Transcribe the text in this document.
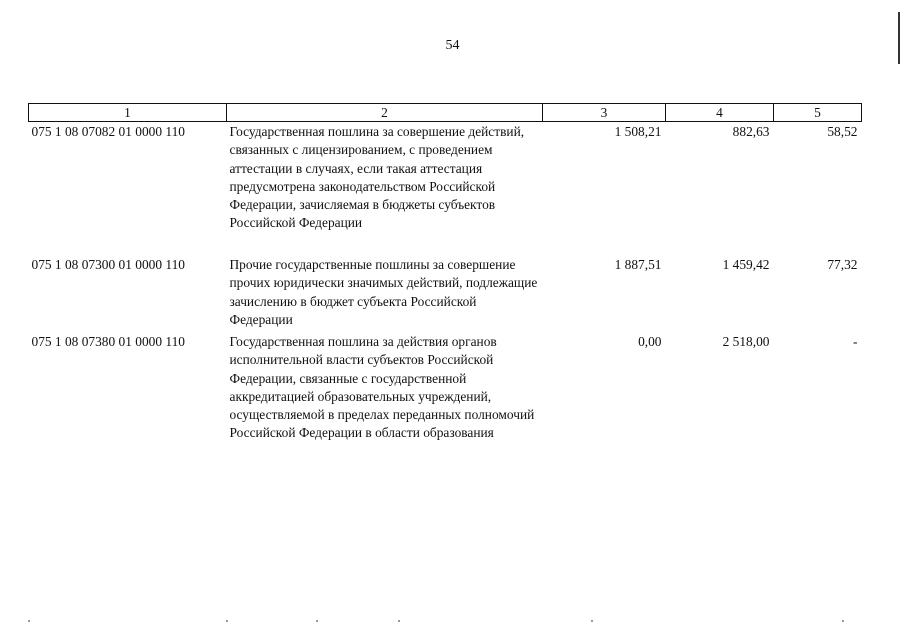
54
1	2	3	4	5
075 1 08 07082 01 0000 110	Государственная пошлина за совершение действий, связанных с лицензированием, с проведением аттестации в случаях, если такая аттестация предусмотрена законодательством Российской Федерации, зачисляемая в бюджеты субъектов Российской Федерации	1 508,21	882,63	58,52
075 1 08 07300 01 0000 110	Прочие государственные пошлины за совершение прочих юридически значимых действий, подлежащие зачислению в бюджет субъекта Российской Федерации	1 887,51	1 459,42	77,32
075 1 08 07380 01 0000 110	Государственная пошлина за действия органов исполнительной власти субъектов Российской Федерации, связанные с государственной аккредитацией образовательных учреждений, осуществляемой в пределах переданных полномочий Российской Федерации в области образования	0,00	2 518,00	-
